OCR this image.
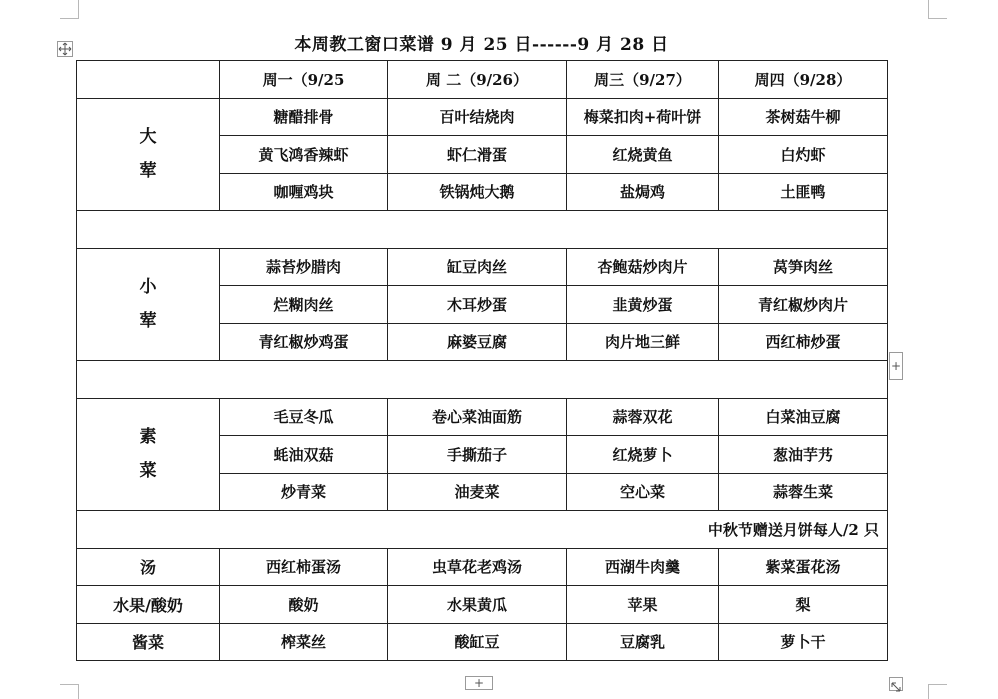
本周教工窗口菜谱 9 月 25 日------9 月 28 日
	周一（9/25	周 二（9/26）	周三（9/27）	周四（9/28）

大
荤	糖醋排骨	百叶结烧肉	梅菜扣肉+荷叶饼	茶树菇牛柳
	黄飞鸿香辣虾	虾仁滑蛋	红烧黄鱼	白灼虾
	咖喱鸡块	铁锅炖大鹅	盐焗鸡	土匪鸭

小
荤	蒜苔炒腊肉	缸豆肉丝	杏鲍菇炒肉片	莴笋肉丝
	烂糊肉丝	木耳炒蛋	韭黄炒蛋	青红椒炒肉片
	青红椒炒鸡蛋	麻婆豆腐	肉片地三鲜	西红柿炒蛋

素
菜	毛豆冬瓜	卷心菜油面筋	蒜蓉双花	白菜油豆腐
	蚝油双菇	手撕茄子	红烧萝卜	葱油芋艿
	炒青菜	油麦菜	空心菜	蒜蓉生菜
中秋节赠送月饼每人/2 只				
汤	西红柿蛋汤	虫草花老鸡汤	西湖牛肉羹	紫菜蛋花汤
水果/酸奶	酸奶	水果黄瓜	苹果	梨
酱菜	榨菜丝	酸缸豆	豆腐乳	萝卜干
+
+
